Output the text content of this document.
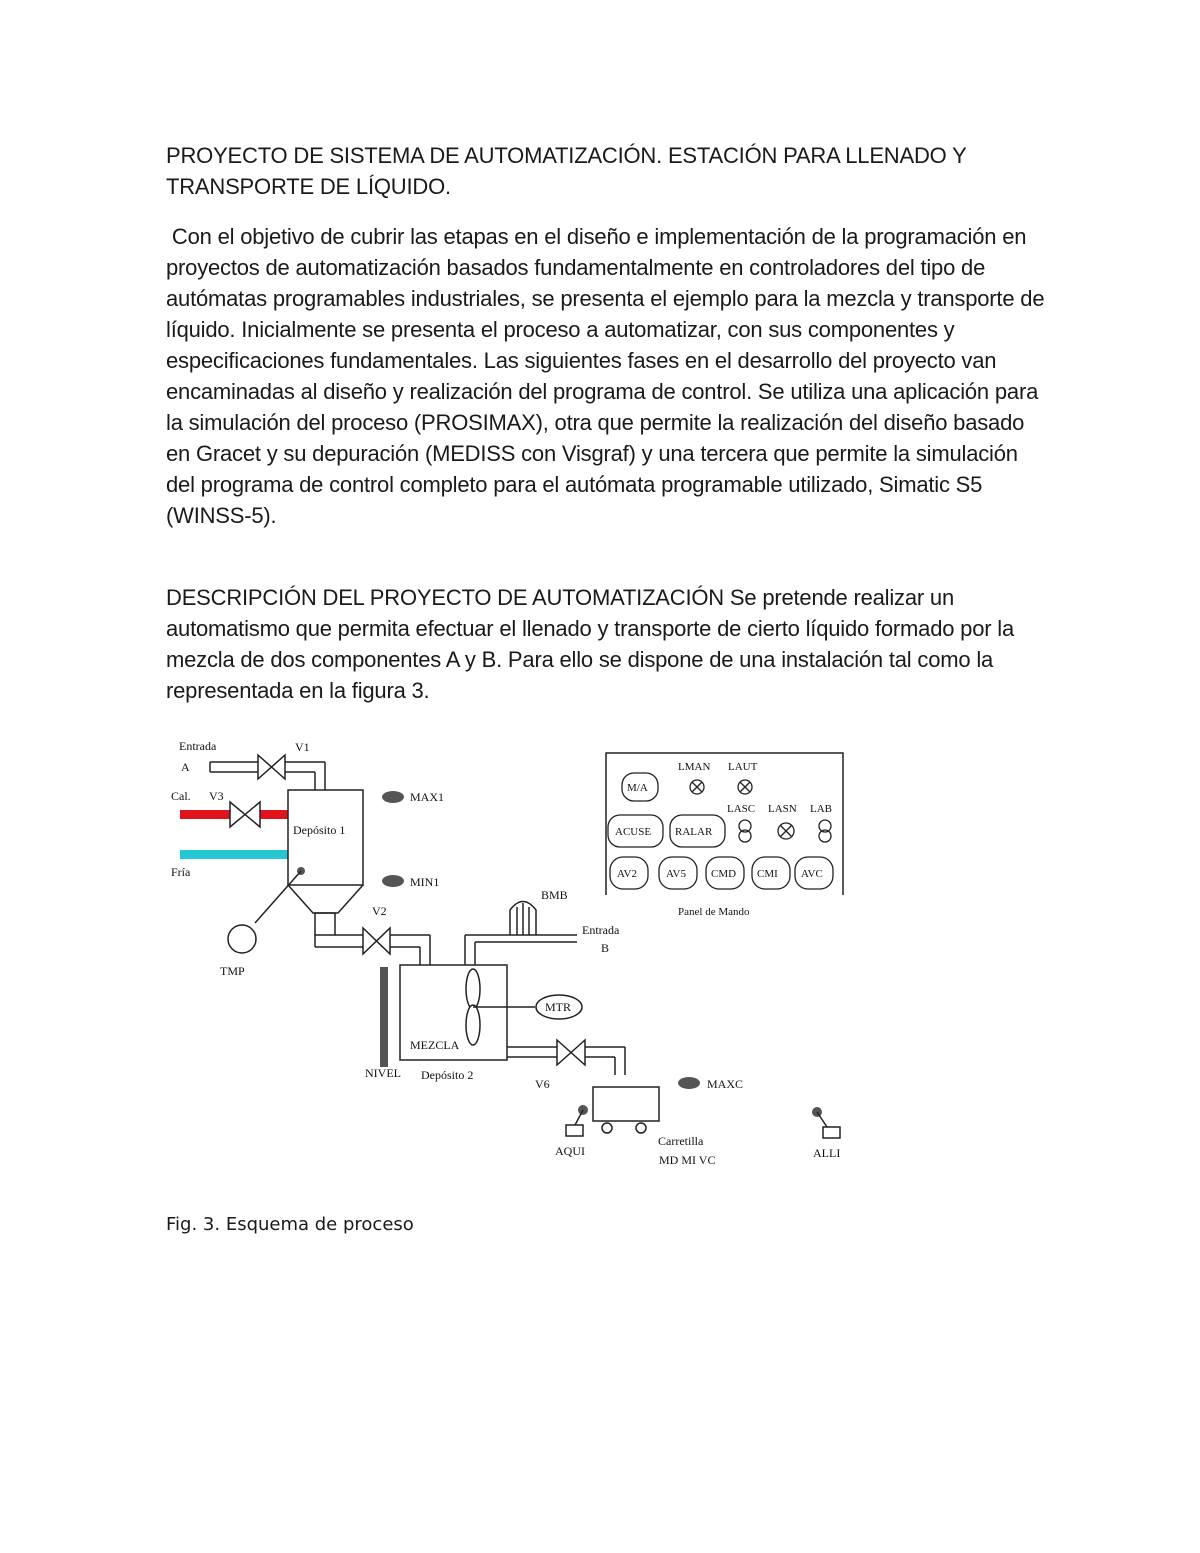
PROYECTO DE SISTEMA DE AUTOMATIZACIÓN. ESTACIÓN PARA LLENADO Y TRANSPORTE DE LÍQUIDO.
Con el objetivo de cubrir las etapas en el diseño e implementación de la programación en proyectos de automatización basados fundamentalmente en controladores del tipo de autómatas programables industriales, se presenta el ejemplo para la mezcla y transporte de líquido. Inicialmente se presenta el proceso a automatizar, con sus componentes y especificaciones fundamentales. Las siguientes fases en el desarrollo del proyecto van encaminadas al diseño y realización del programa de control. Se utiliza una aplicación para la simulación del proceso (PROSIMAX), otra que permite la realización del diseño basado en Gracet y su depuración (MEDISS con Visgraf) y una tercera que permite la simulación del programa de control completo para el autómata programable utilizado, Simatic S5 (WINSS-5).
DESCRIPCIÓN DEL PROYECTO DE AUTOMATIZACIÓN Se pretende realizar un automatismo que permita efectuar el llenado y transporte de cierto líquido formado por la mezcla de dos componentes A y B. Para ello se dispone de una instalación tal como la representada en la figura 3.
Entrada
A
V1
Cal. V3
Fría
Depósito 1
TMP
MAX1
MIN1
V2
BMB
Entrada
B
MTR
MEZCLA
NIVEL Depósito 2
V6	MAXC
Carretilla
MD MI VC
AQUI	ALLI
LMAN LAUT
M/A
LASC LASN LAB
ACUSE RALAR
AV2	AV5 CMD CMI AVC
Panel de Mando
Fig. 3. Esquema de proceso
